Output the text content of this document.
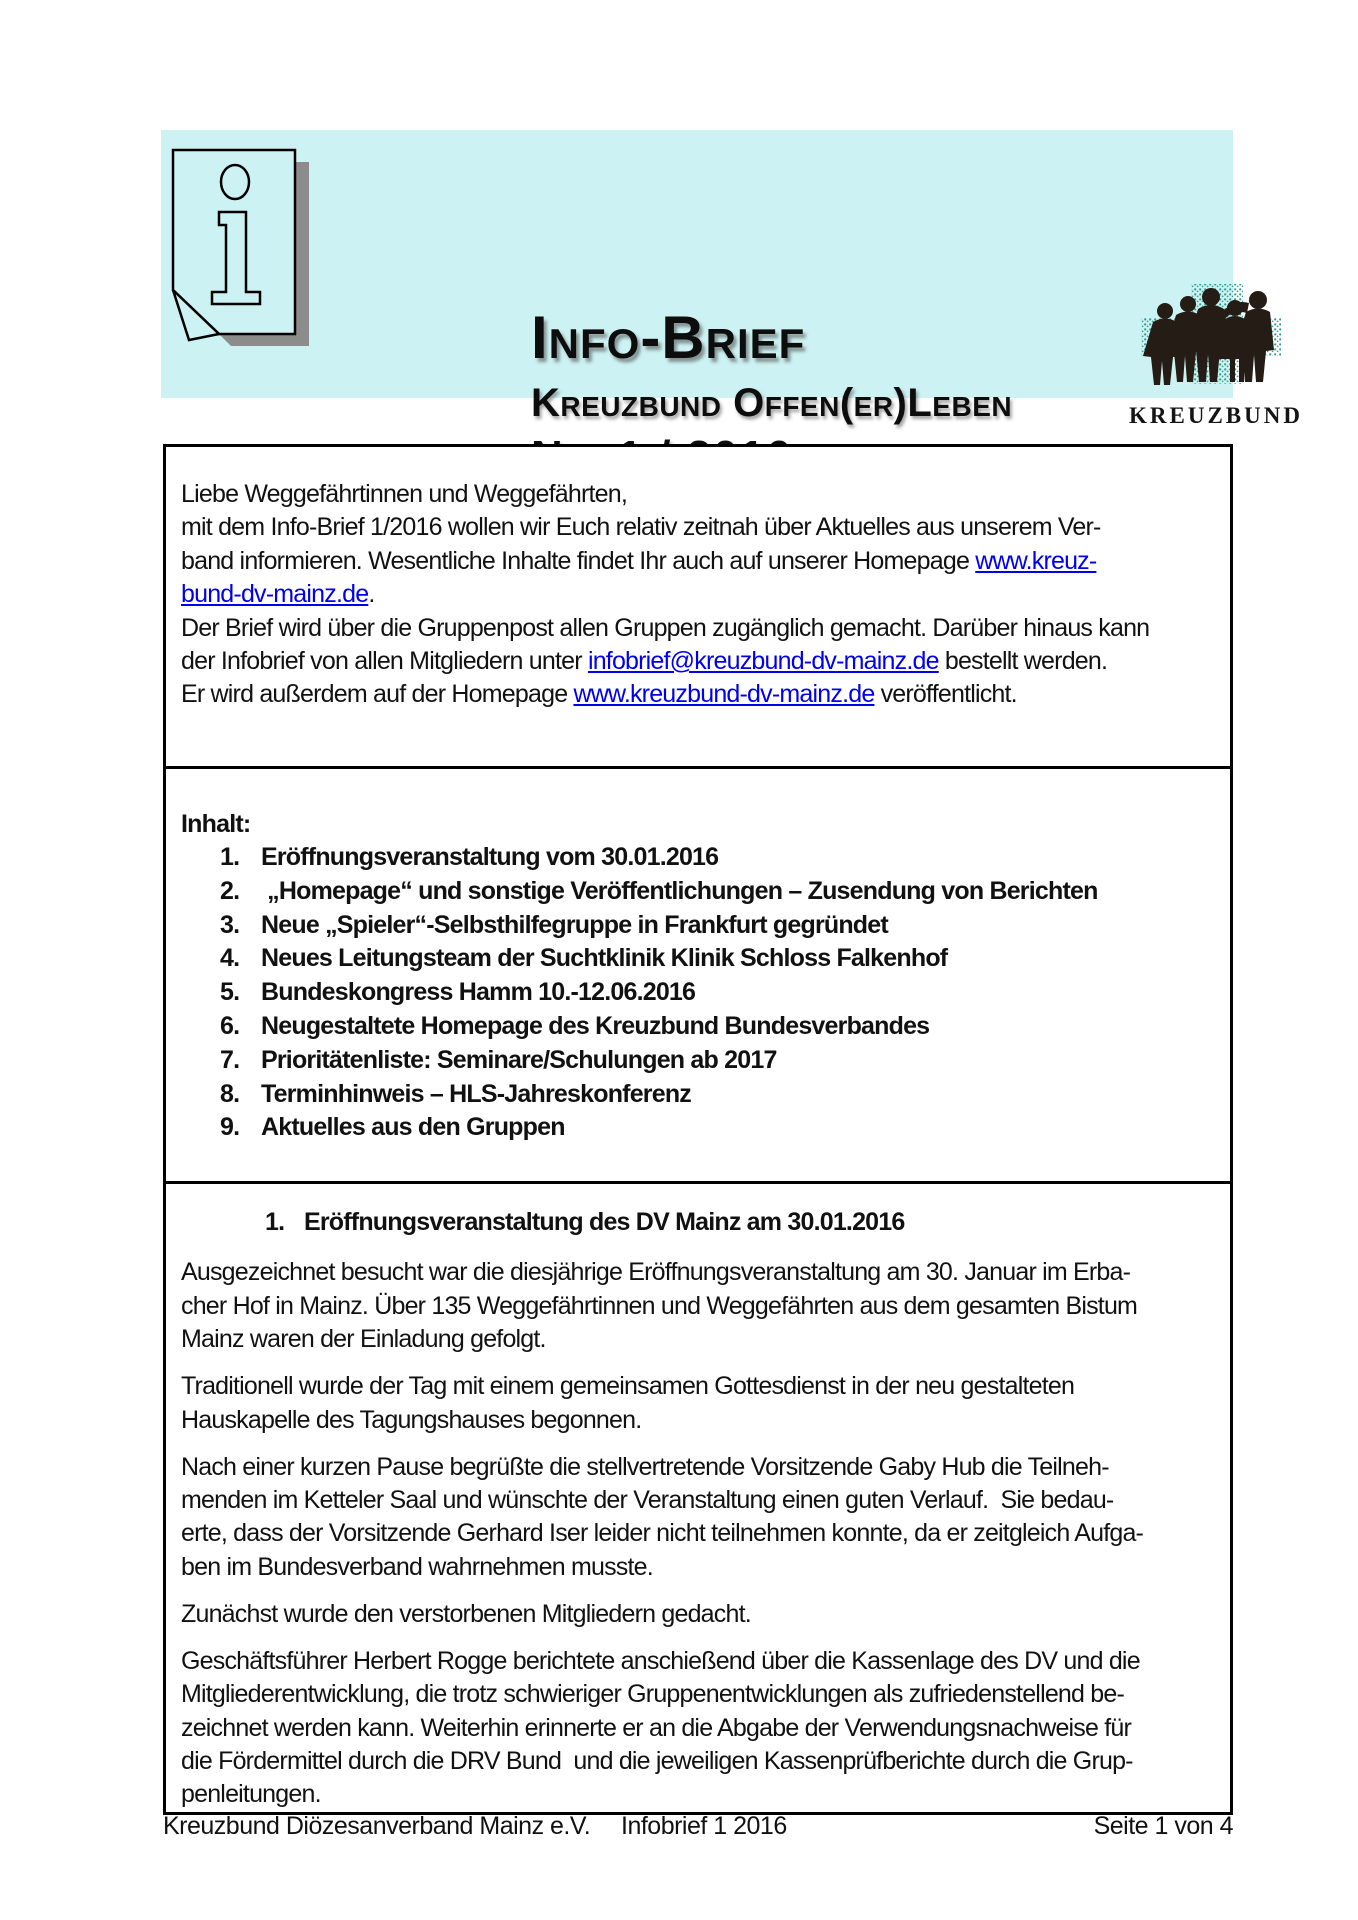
Info-Brief
Kreuzbund Offen(er)Leben	KREUZBUND
Liebe Weggefährtinnen und Weggefährten,
mit dem Info-Brief 1/2016 wollen wir Euch relativ zeitnah über Aktuelles aus unserem Ver-
band informieren. Wesentliche Inhalte findet Ihr auch auf unserer Homepage www.kreuz-
bund-dv-mainz.de.
Der Brief wird über die Gruppenpost allen Gruppen zugänglich gemacht. Darüber hinaus kann
der Infobrief von allen Mitgliedern unter infobrief@kreuzbund-dv-mainz.de bestellt werden.
Er wird außerdem auf der Homepage www.kreuzbund-dv-mainz.de veröffentlicht.
Inhalt:
1. Eröffnungsveranstaltung vom 30.01.2016
2. „Homepage“ und sonstige Veröffentlichungen – Zusendung von Berichten
3. Neue „Spieler“-Selbsthilfegruppe in Frankfurt gegründet
4. Neues Leitungsteam der Suchtklinik Klinik Schloss Falkenhof
5. Bundeskongress Hamm 10.-12.06.2016
6. Neugestaltete Homepage des Kreuzbund Bundesverbandes
7. Prioritätenliste: Seminare/Schulungen ab 2017
8. Terminhinweis – HLS-Jahreskonferenz
9. Aktuelles aus den Gruppen
1. Eröffnungsveranstaltung des DV Mainz am 30.01.2016
Ausgezeichnet besucht war die diesjährige Eröffnungsveranstaltung am 30. Januar im Erba-
cher Hof in Mainz. Über 135 Weggefährtinnen und Weggefährten aus dem gesamten Bistum
Mainz waren der Einladung gefolgt.
Traditionell wurde der Tag mit einem gemeinsamen Gottesdienst in der neu gestalteten
Hauskapelle des Tagungshauses begonnen.
Nach einer kurzen Pause begrüßte die stellvertretende Vorsitzende Gaby Hub die Teilneh-
menden im Ketteler Saal und wünschte der Veranstaltung einen guten Verlauf.  Sie bedau-
erte, dass der Vorsitzende Gerhard Iser leider nicht teilnehmen konnte, da er zeitgleich Aufga-
ben im Bundesverband wahrnehmen musste.
Zunächst wurde den verstorbenen Mitgliedern gedacht.
Geschäftsführer Herbert Rogge berichtete anschießend über die Kassenlage des DV und die
Mitgliederentwicklung, die trotz schwieriger Gruppenentwicklungen als zufriedenstellend be-
zeichnet werden kann. Weiterhin erinnerte er an die Abgabe der Verwendungsnachweise für
die Fördermittel durch die DRV Bund  und die jeweiligen Kassenprüfberichte durch die Grup-
penleitungen.
Kreuzbund Diözesanverband Mainz e.V. Infobrief 1 2016	Seite 1 von 4
